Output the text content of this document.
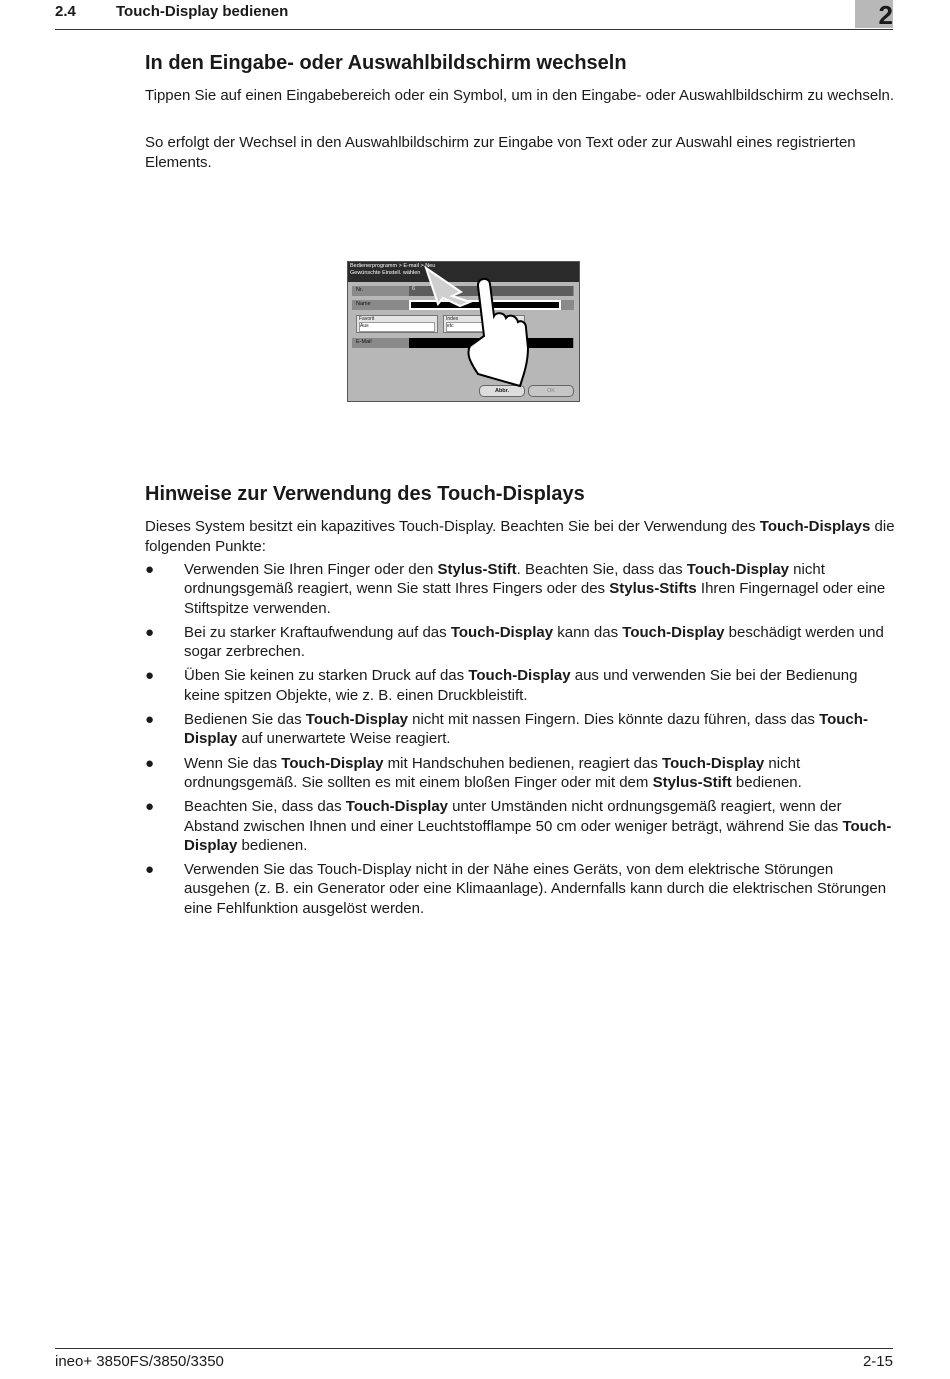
2.4	Touch-Display bedienen	2
In den Eingabe- oder Auswahlbildschirm wechseln

Tippen Sie auf einen Eingabebereich oder ein Symbol, um in den Eingabe- oder Auswahlbildschirm zu wechseln.

So erfolgt der Wechsel in den Auswahlbildschirm zur Eingabe von Text oder zur Auswahl eines registrierten Elements.

Bedienerprogramm > E-mail > Neu
Gewünschte Einstell. wählen
Nr.	6
Name
Favorit
Aus
Index
etc
E-Mail
Abbr.	OK
Hinweise zur Verwendung des Touch-Displays

Dieses System besitzt ein kapazitives Touch-Display. Beachten Sie bei der Verwendung des Touch-Displays die folgenden Punkte:

● Verwenden Sie Ihren Finger oder den Stylus-Stift. Beachten Sie, dass das Touch-Display nicht ordnungsgemäß reagiert, wenn Sie statt Ihres Fingers oder des Stylus-Stifts Ihren Fingernagel oder eine Stiftspitze verwenden.
● Bei zu starker Kraftaufwendung auf das Touch-Display kann das Touch-Display beschädigt werden und sogar zerbrechen.
● Üben Sie keinen zu starken Druck auf das Touch-Display aus und verwenden Sie bei der Bedienung keine spitzen Objekte, wie z. B. einen Druckbleistift.
● Bedienen Sie das Touch-Display nicht mit nassen Fingern. Dies könnte dazu führen, dass das Touch-Display auf unerwartete Weise reagiert.
● Wenn Sie das Touch-Display mit Handschuhen bedienen, reagiert das Touch-Display nicht ordnungsgemäß. Sie sollten es mit einem bloßen Finger oder mit dem Stylus-Stift bedienen.
● Beachten Sie, dass das Touch-Display unter Umständen nicht ordnungsgemäß reagiert, wenn der Abstand zwischen Ihnen und einer Leuchtstofflampe 50 cm oder weniger beträgt, während Sie das Touch-Display bedienen.
● Verwenden Sie das Touch-Display nicht in der Nähe eines Geräts, von dem elektrische Störungen ausgehen (z. B. ein Generator oder eine Klimaanlage). Andernfalls kann durch die elektrischen Störungen eine Fehlfunktion ausgelöst werden.
ineo+ 3850FS/3850/3350	2-15
